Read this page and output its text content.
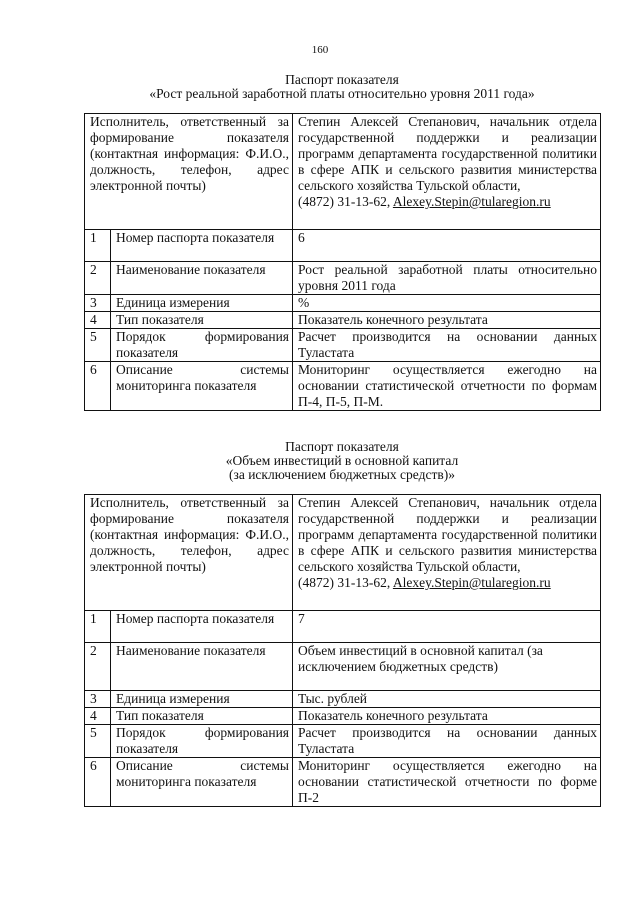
160
Паспорт показателя
«Рост реальной заработной платы относительно уровня 2011 года»
Исполнитель, ответственный за формирование показателя (контактная информация: Ф.И.О., должность, телефон, адрес электронной почты)		Степин Алексей Степанович, начальник отдела государственной поддержки и реализации программ департамента государственной политики в сфере АПК и сельского развития министерства сельского хозяйства Тульской области,
(4872) 31-13-62, Alexey.Stepin@tularegion.ru

1	Номер паспорта показателя	6
2	Наименование показателя	Рост реальной заработной платы относительно уровня 2011 года
3	Единица измерения	%
4	Тип показателя	Показатель конечного результата
5	Порядок формирования показателя	Расчет производится на основании данных Туластата
6	Описание системы мониторинга показателя	Мониторинг осуществляется ежегодно на основании статистической отчетности по формам П-4, П-5, П-М.
Паспорт показателя
«Объем инвестиций в основной капитал
(за исключением бюджетных средств)»
Исполнитель, ответственный за формирование показателя (контактная информация: Ф.И.О., должность, телефон, адрес электронной почты)		Степин Алексей Степанович, начальник отдела государственной поддержки и реализации программ департамента государственной политики в сфере АПК и сельского развития министерства сельского хозяйства Тульской области,
(4872) 31-13-62, Alexey.Stepin@tularegion.ru

1	Номер паспорта показателя	7
2	Наименование показателя	Объем инвестиций в основной капитал (за исключением бюджетных средств)
3	Единица измерения	Тыс. рублей
4	Тип показателя	Показатель конечного результата
5	Порядок формирования показателя	Расчет производится на основании данных Туластата
6	Описание системы мониторинга показателя	Мониторинг осуществляется ежегодно на основании статистической отчетности по форме П-2
